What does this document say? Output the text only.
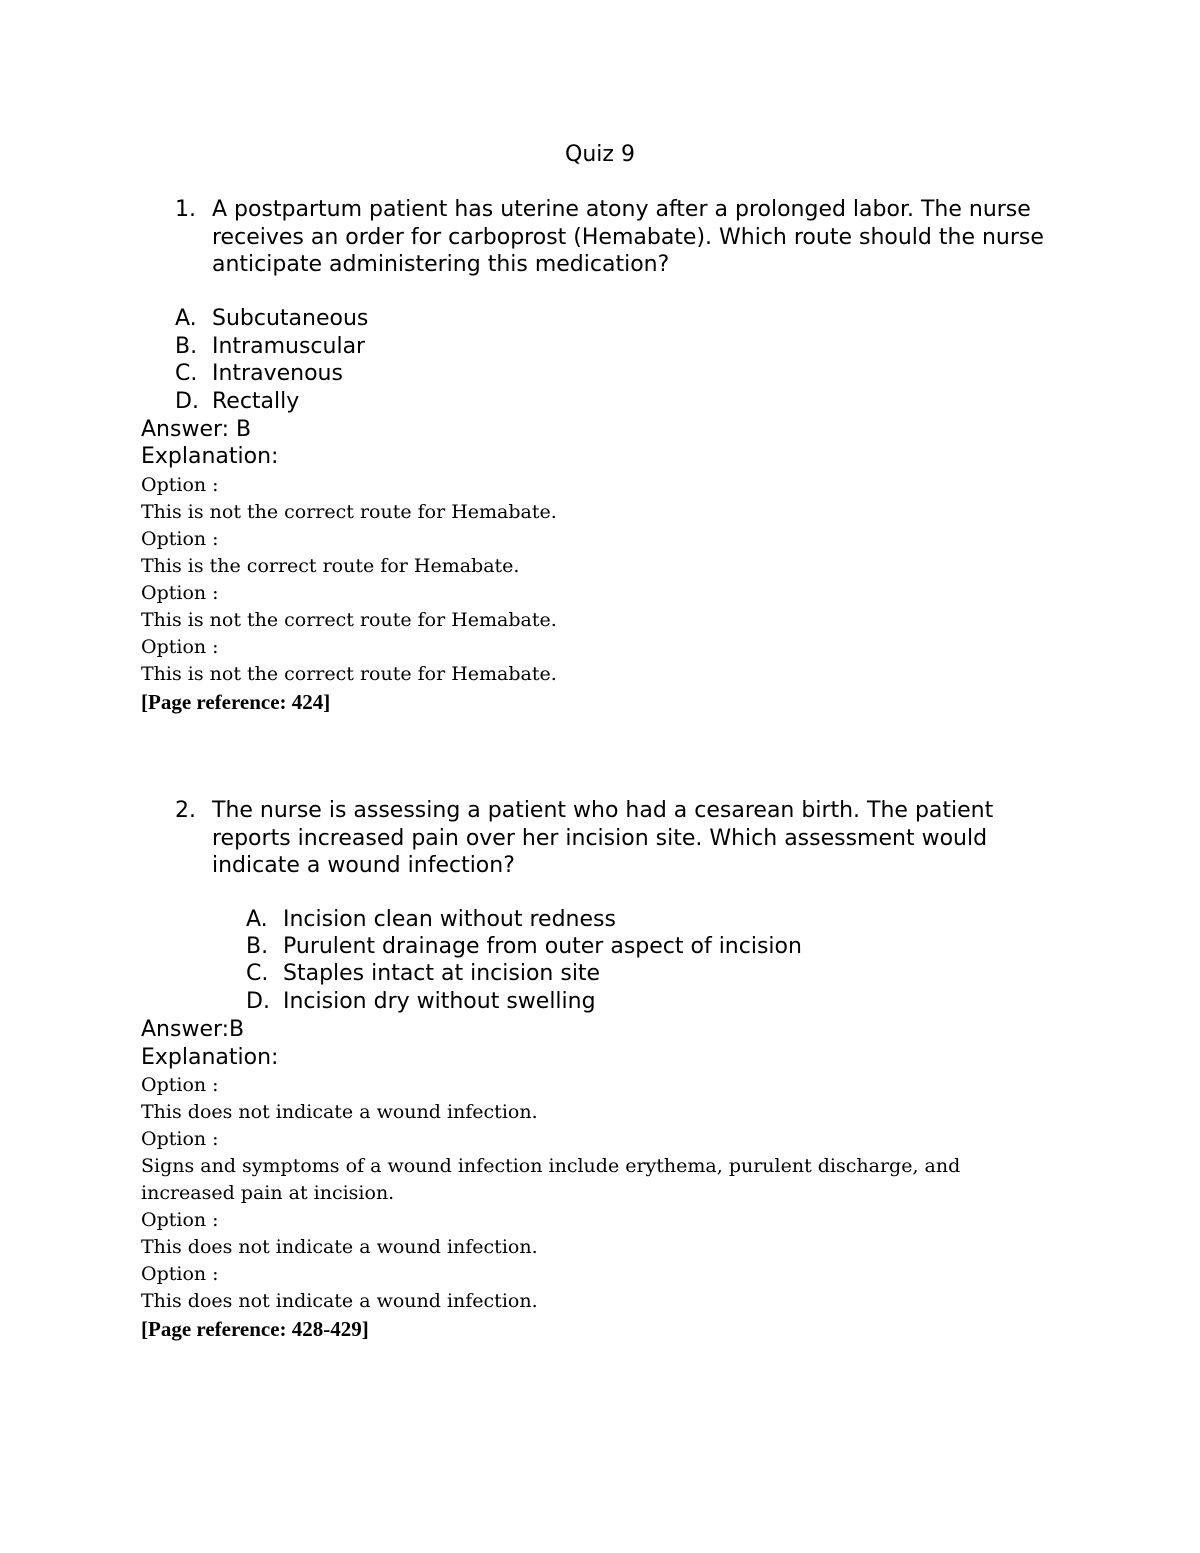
Quiz 9
1. A postpartum patient has uterine atony after a prolonged labor. The nurse receives an order for carboprost (Hemabate). Which route should the nurse anticipate administering this medication?
A. Subcutaneous
B. Intramuscular
C. Intravenous
D. Rectally
Answer: B
Explanation:
Option :
This is not the correct route for Hemabate.
Option :
This is the correct route for Hemabate.
Option :
This is not the correct route for Hemabate.
Option :
This is not the correct route for Hemabate.
[Page reference: 424]
2. The nurse is assessing a patient who had a cesarean birth. The patient reports increased pain over her incision site. Which assessment would indicate a wound infection?
A. Incision clean without redness
B. Purulent drainage from outer aspect of incision
C. Staples intact at incision site
D. Incision dry without swelling
Answer:B
Explanation:
Option :
This does not indicate a wound infection.
Option :
Signs and symptoms of a wound infection include erythema, purulent discharge, and
increased pain at incision.
Option :
This does not indicate a wound infection.
Option :
This does not indicate a wound infection.
[Page reference: 428-429]
